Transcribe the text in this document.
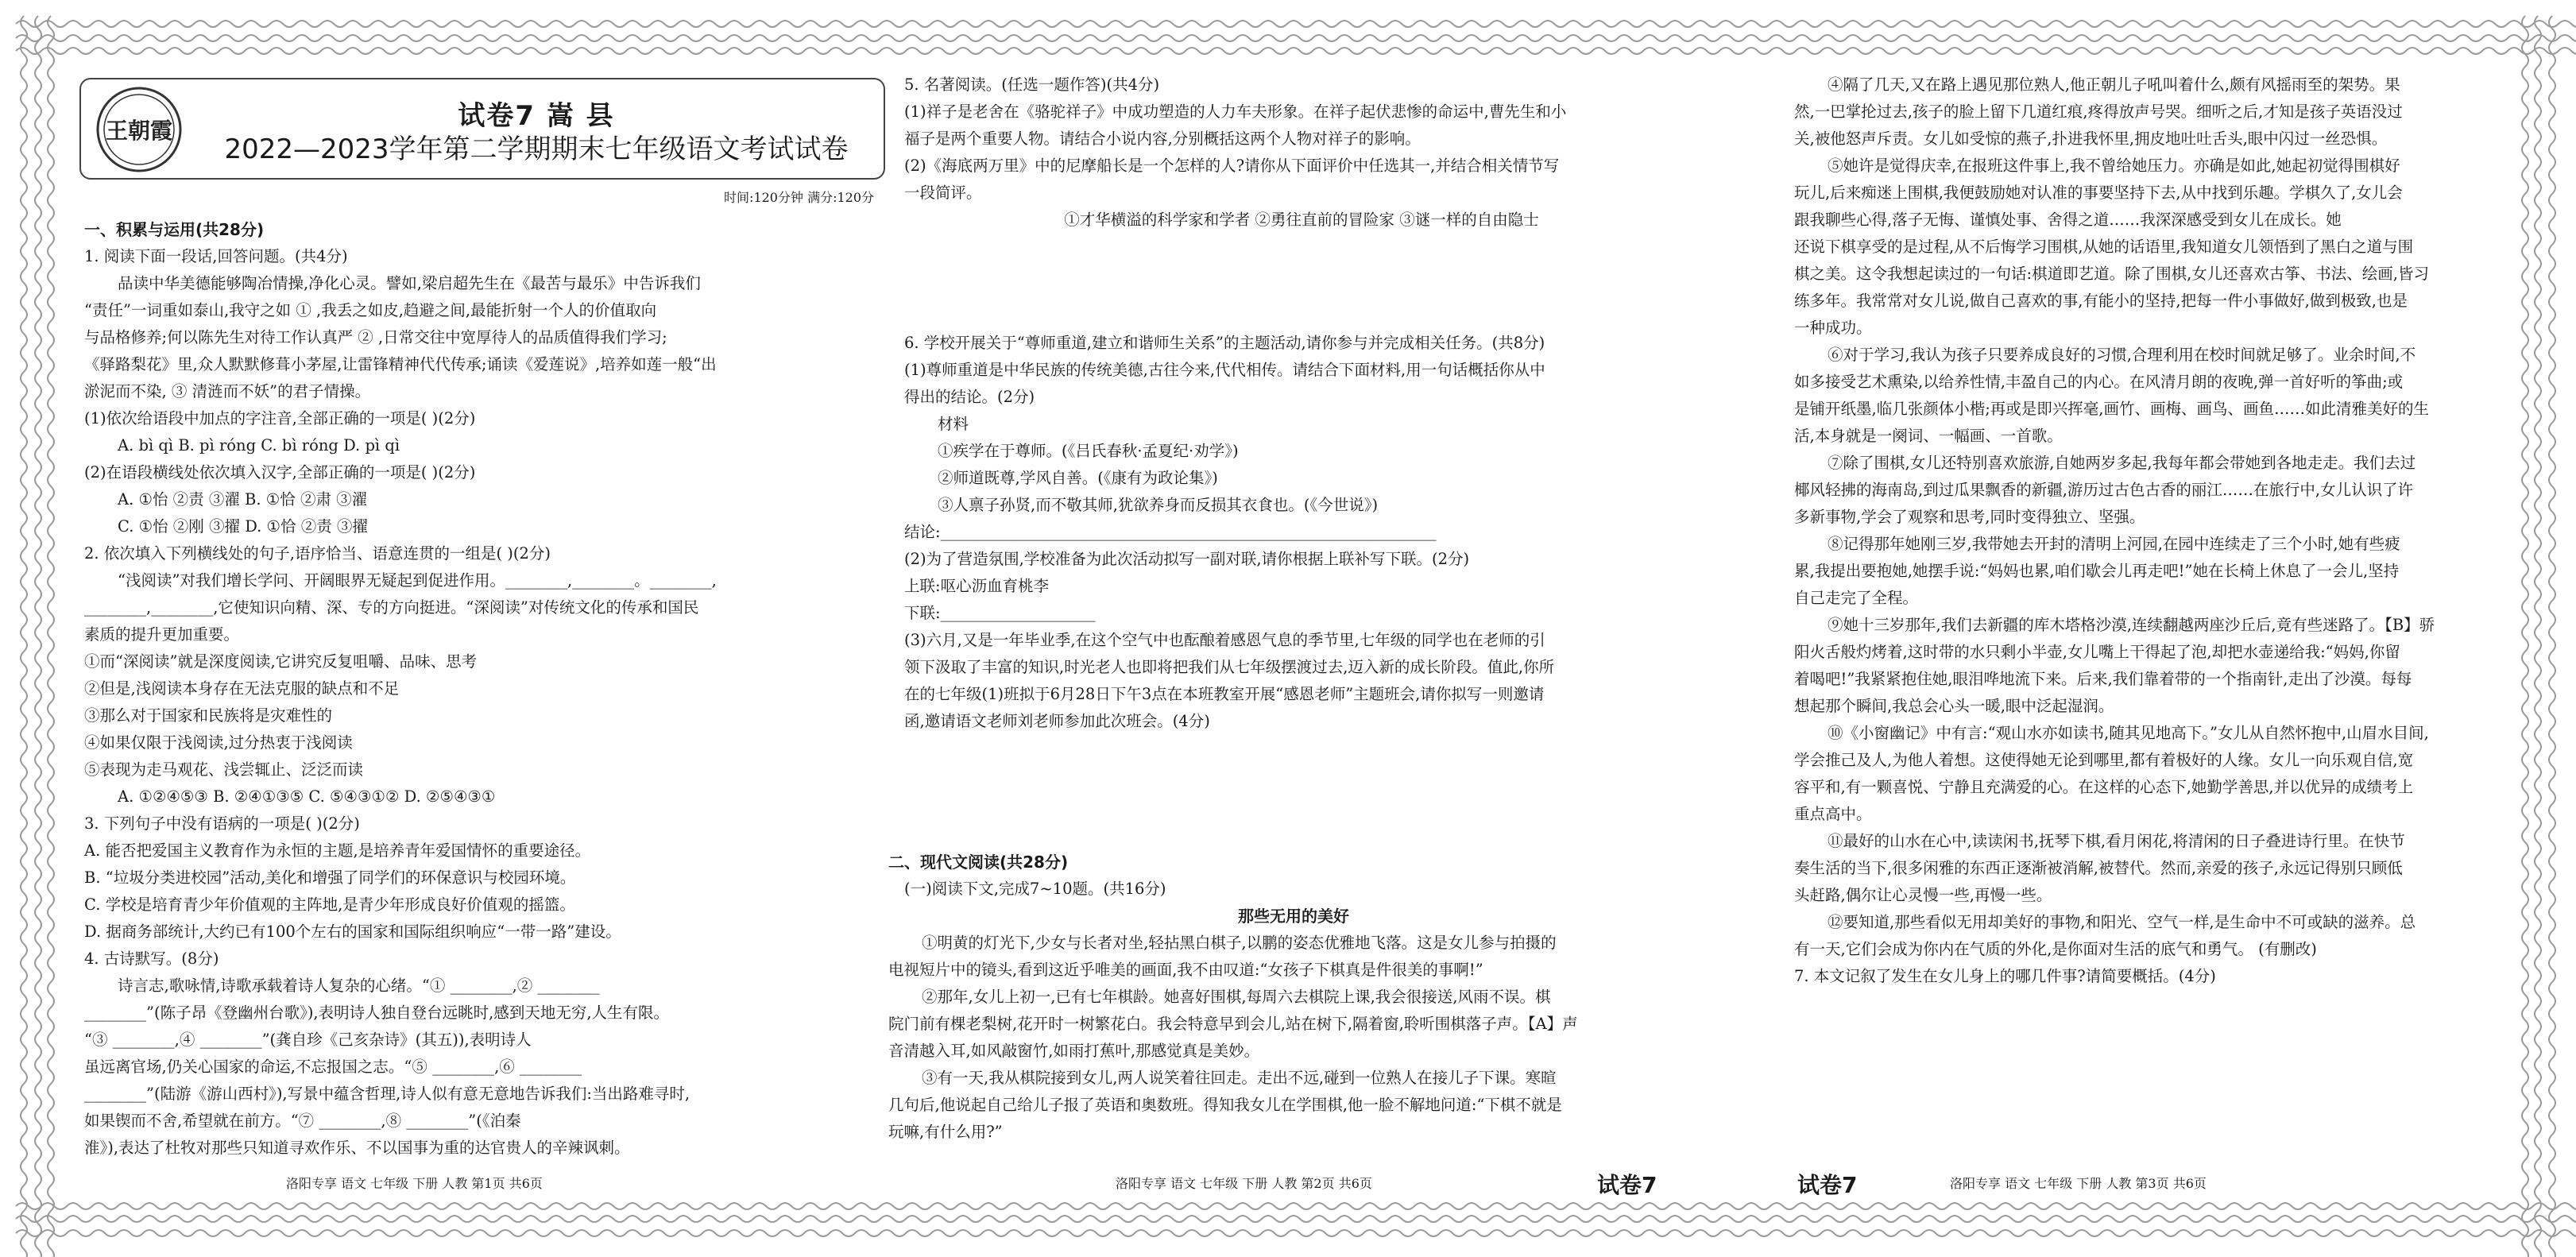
王朝霞	试卷7 嵩 县
2022—2023学年第二学期期末七年级语文考试试卷
时间:120分钟 满分:120分

一、积累与运用(共28分)

1. 阅读下面一段话,回答问题。(共4分)

品读中华美德能够陶冶情操,净化心灵。譬如,梁启超先生在《最苦与最乐》中告诉我们

“责任”一词重如泰山,我守之如 ① ,我丢之如皮,趋避之间,最能折射一个人的价值取向

与品格修养;何以陈先生对待工作认真严 ② ,日常交往中宽厚待人的品质值得我们学习;

《驿路梨花》里,众人默默修葺小茅屋,让雷锋精神代代传承;诵读《爱莲说》,培养如莲一般“出

淤泥而不染, ③ 清涟而不妖”的君子情操。

(1)依次给语段中加点的字注音,全部正确的一项是( )(2分)

A. bì qì B. pì róng C. bì róng D. pì qì

(2)在语段横线处依次填入汉字,全部正确的一项是( )(2分)

A. ①怡 ②责 ③濯 B. ①恰 ②肃 ③濯

C. ①怡 ②刚 ③擢 D. ①恰 ②责 ③擢

2. 依次填入下列横线处的句子,语序恰当、语意连贯的一组是( )(2分)

“浅阅读”对我们增长学问、开阔眼界无疑起到促进作用。________,________。________,

________,________,它使知识向精、深、专的方向挺进。“深阅读”对传统文化的传承和国民

素质的提升更加重要。

①而“深阅读”就是深度阅读,它讲究反复咀嚼、品味、思考

②但是,浅阅读本身存在无法克服的缺点和不足

③那么对于国家和民族将是灾难性的

④如果仅限于浅阅读,过分热衷于浅阅读

⑤表现为走马观花、浅尝辄止、泛泛而读

A. ①②④⑤③ B. ②④①③⑤ C. ⑤④③①② D. ②⑤④③①

3. 下列句子中没有语病的一项是( )(2分)

A. 能否把爱国主义教育作为永恒的主题,是培养青年爱国情怀的重要途径。

B. “垃圾分类进校园”活动,美化和增强了同学们的环保意识与校园环境。

C. 学校是培育青少年价值观的主阵地,是青少年形成良好价值观的摇篮。

D. 据商务部统计,大约已有100个左右的国家和国际组织响应“一带一路”建设。

4. 古诗默写。(8分)

诗言志,歌咏情,诗歌承载着诗人复杂的心绪。“① ________,② ________

________”(陈子昂《登幽州台歌》),表明诗人独自登台远眺时,感到天地无穷,人生有限。

“③ ________,④ ________”(龚自珍《己亥杂诗》(其五)),表明诗人

虽远离官场,仍关心国家的命运,不忘报国之志。“⑤ ________,⑥ ________

________”(陆游《游山西村》),写景中蕴含哲理,诗人似有意无意地告诉我们:当出路难寻时,

如果锲而不舍,希望就在前方。“⑦ ________,⑧ ________”(《泊秦

淮》),表达了杜牧对那些只知道寻欢作乐、不以国事为重的达官贵人的辛辣讽刺。

5. 名著阅读。(任选一题作答)(共4分)

(1)祥子是老舍在《骆驼祥子》中成功塑造的人力车夫形象。在祥子起伏悲惨的命运中,曹先生和小

福子是两个重要人物。请结合小说内容,分别概括这两个人物对祥子的影响。

(2)《海底两万里》中的尼摩船长是一个怎样的人?请你从下面评价中任选其一,并结合相关情节写

一段简评。

①才华横溢的科学家和学者 ②勇往直前的冒险家 ③谜一样的自由隐士

6. 学校开展关于“尊师重道,建立和谐师生关系”的主题活动,请你参与并完成相关任务。(共8分)

(1)尊师重道是中华民族的传统美德,古往今来,代代相传。请结合下面材料,用一句话概括你从中

得出的结论。(2分)

材料

①疾学在于尊师。(《吕氏春秋·孟夏纪·劝学》)

②师道既尊,学风自善。(《康有为政论集》)

③人禀子孙贤,而不敬其师,犹欲养身而反损其衣食也。(《今世说》)

结论:________________________________________________________________

(2)为了营造氛围,学校准备为此次活动拟写一副对联,请你根据上联补写下联。(2分)

上联:呕心沥血育桃李

下联:____________________

(3)六月,又是一年毕业季,在这个空气中也酝酿着感恩气息的季节里,七年级的同学也在老师的引

领下汲取了丰富的知识,时光老人也即将把我们从七年级摆渡过去,迈入新的成长阶段。值此,你所

在的七年级(1)班拟于6月28日下午3点在本班教室开展“感恩老师”主题班会,请你拟写一则邀请

函,邀请语文老师刘老师参加此次班会。(4分)

二、现代文阅读(共28分)

(一)阅读下文,完成7~10题。(共16分)

那些无用的美好

①明黄的灯光下,少女与长者对坐,轻拈黑白棋子,以鹏的姿态优雅地飞落。这是女儿参与拍摄的

电视短片中的镜头,看到这近乎唯美的画面,我不由叹道:“女孩子下棋真是件很美的事啊!”

②那年,女儿上初一,已有七年棋龄。她喜好围棋,每周六去棋院上课,我会很接送,风雨不误。棋

院门前有棵老梨树,花开时一树繁花白。我会特意早到会儿,站在树下,隔着窗,聆听围棋落子声。【A】声

音清越入耳,如风敲窗竹,如雨打蕉叶,那感觉真是美妙。

③有一天,我从棋院接到女儿,两人说笑着往回走。走出不远,碰到一位熟人在接儿子下课。寒暄

几句后,他说起自己给儿子报了英语和奥数班。得知我女儿在学围棋,他一脸不解地问道:“下棋不就是

玩嘛,有什么用?”

④隔了几天,又在路上遇见那位熟人,他正朝儿子吼叫着什么,颇有风摇雨至的架势。果

然,一巴掌抡过去,孩子的脸上留下几道红痕,疼得放声号哭。细听之后,才知是孩子英语没过

关,被他怒声斥责。女儿如受惊的燕子,扑进我怀里,拥皮地吐吐舌头,眼中闪过一丝恐惧。

⑤她许是觉得庆幸,在报班这件事上,我不曾给她压力。亦确是如此,她起初觉得围棋好

玩儿,后来痴迷上围棋,我便鼓励她对认准的事要坚持下去,从中找到乐趣。学棋久了,女儿会

跟我聊些心得,落子无悔、谨慎处事、舍得之道……我深深感受到女儿在成长。她

还说下棋享受的是过程,从不后悔学习围棋,从她的话语里,我知道女儿领悟到了黑白之道与围

棋之美。这令我想起读过的一句话:棋道即艺道。除了围棋,女儿还喜欢古筝、书法、绘画,皆习

练多年。我常常对女儿说,做自己喜欢的事,有能小的坚持,把每一件小事做好,做到极致,也是

一种成功。

⑥对于学习,我认为孩子只要养成良好的习惯,合理利用在校时间就足够了。业余时间,不

如多接受艺术熏染,以给养性情,丰盈自己的内心。在风清月朗的夜晚,弹一首好听的筝曲;或

是铺开纸墨,临几张颜体小楷;再或是即兴挥毫,画竹、画梅、画鸟、画鱼……如此清雅美好的生

活,本身就是一阕词、一幅画、一首歌。

⑦除了围棋,女儿还特别喜欢旅游,自她两岁多起,我每年都会带她到各地走走。我们去过

椰风轻拂的海南岛,到过瓜果飘香的新疆,游历过古色古香的丽江……在旅行中,女儿认识了许

多新事物,学会了观察和思考,同时变得独立、坚强。

⑧记得那年她刚三岁,我带她去开封的清明上河园,在园中连续走了三个小时,她有些疲

累,我提出要抱她,她摆手说:“妈妈也累,咱们歇会儿再走吧!”她在长椅上休息了一会儿,坚持

自己走完了全程。

⑨她十三岁那年,我们去新疆的库木塔格沙漠,连续翻越两座沙丘后,竟有些迷路了。【B】骄

阳火舌般灼烤着,这时带的水只剩小半壶,女儿嘴上干得起了泡,却把水壶递给我:“妈妈,你留

着喝吧!”我紧紧抱住她,眼泪哗地流下来。后来,我们靠着带的一个指南针,走出了沙漠。每每

想起那个瞬间,我总会心头一暖,眼中泛起湿润。

⑩《小窗幽记》中有言:“观山水亦如读书,随其见地高下。”女儿从自然怀抱中,山眉水目间,

学会推己及人,为他人着想。这使得她无论到哪里,都有着极好的人缘。女儿一向乐观自信,宽

容平和,有一颗喜悦、宁静且充满爱的心。在这样的心态下,她勤学善思,并以优异的成绩考上

重点高中。

⑪最好的山水在心中,读读闲书,抚琴下棋,看月闲花,将清闲的日子叠进诗行里。在快节

奏生活的当下,很多闲雅的东西正逐渐被消解,被替代。然而,亲爱的孩子,永远记得别只顾低

头赶路,偶尔让心灵慢一些,再慢一些。

⑫要知道,那些看似无用却美好的事物,和阳光、空气一样,是生命中不可或缺的滋养。总

有一天,它们会成为你内在气质的外化,是你面对生活的底气和勇气。 (有删改)

7. 本文记叙了发生在女儿身上的哪几件事?请简要概括。(4分)

洛阳专享 语文 七年级 下册 人教 第1页 共6页	洛阳专享 语文 七年级 下册 人教 第2页 共6页	试卷7	试卷7	洛阳专享 语文 七年级 下册 人教 第3页 共6页
